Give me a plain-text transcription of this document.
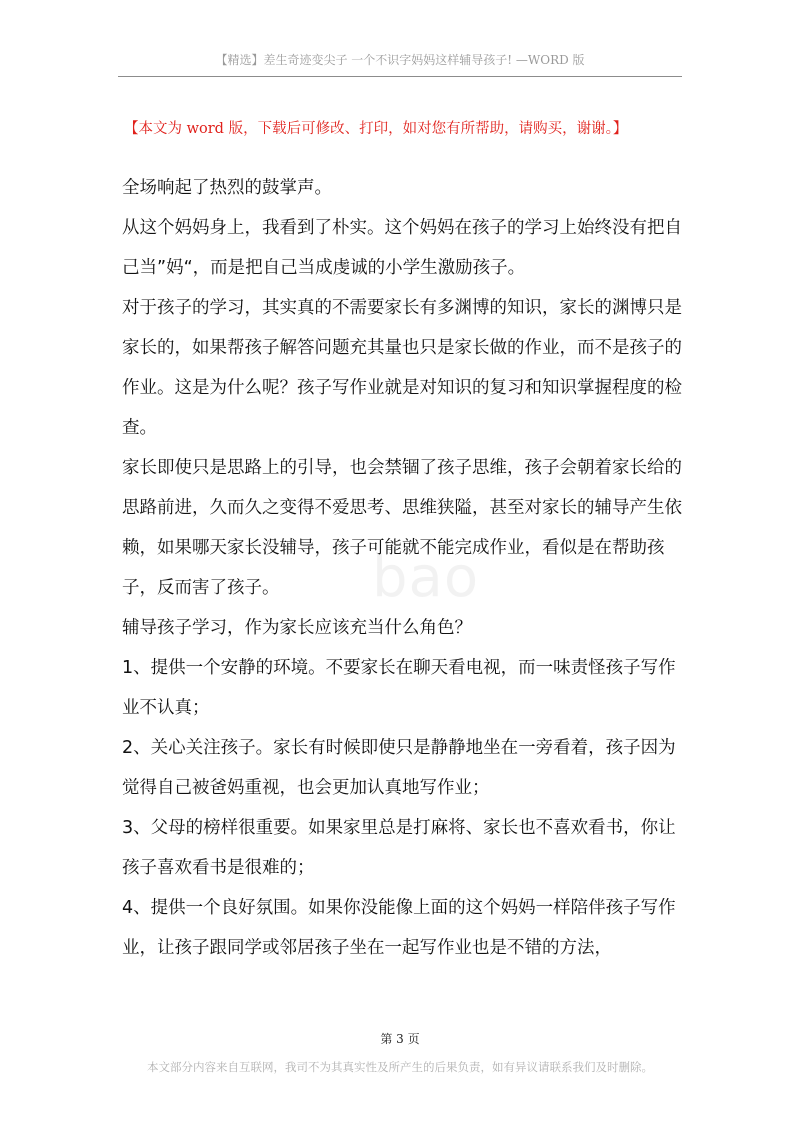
【精选】差生奇迹变尖子 一个不识字妈妈这样辅导孩子! —WORD 版
【本文为 word 版，下载后可修改、打印，如对您有所帮助，请购买，谢谢。】

全场响起了热烈的鼓掌声。

从这个妈妈身上，我看到了朴实。这个妈妈在孩子的学习上始终没有把自己当”妈“，而是把自己当成虔诚的小学生激励孩子。

对于孩子的学习，其实真的不需要家长有多渊博的知识，家长的渊博只是家长的，如果帮孩子解答问题充其量也只是家长做的作业，而不是孩子的作业。这是为什么呢？孩子写作业就是对知识的复习和知识掌握程度的检查。

家长即使只是思路上的引导，也会禁锢了孩子思维，孩子会朝着家长给的思路前进，久而久之变得不爱思考、思维狭隘，甚至对家长的辅导产生依赖，如果哪天家长没辅导，孩子可能就不能完成作业，看似是在帮助孩子，反而害了孩子。

辅导孩子学习，作为家长应该充当什么角色？

1、提供一个安静的环境。不要家长在聊天看电视，而一味责怪孩子写作业不认真；

2、关心关注孩子。家长有时候即使只是静静地坐在一旁看着，孩子因为觉得自己被爸妈重视，也会更加认真地写作业；

3、父母的榜样很重要。如果家里总是打麻将、家长也不喜欢看书，你让孩子喜欢看书是很难的；

4、提供一个良好氛围。如果你没能像上面的这个妈妈一样陪伴孩子写作业，让孩子跟同学或邻居孩子坐在一起写作业也是不错的方法，

bao
第 3 页
本文部分内容来自互联网，我司不为其真实性及所产生的后果负责，如有异议请联系我们及时删除。
